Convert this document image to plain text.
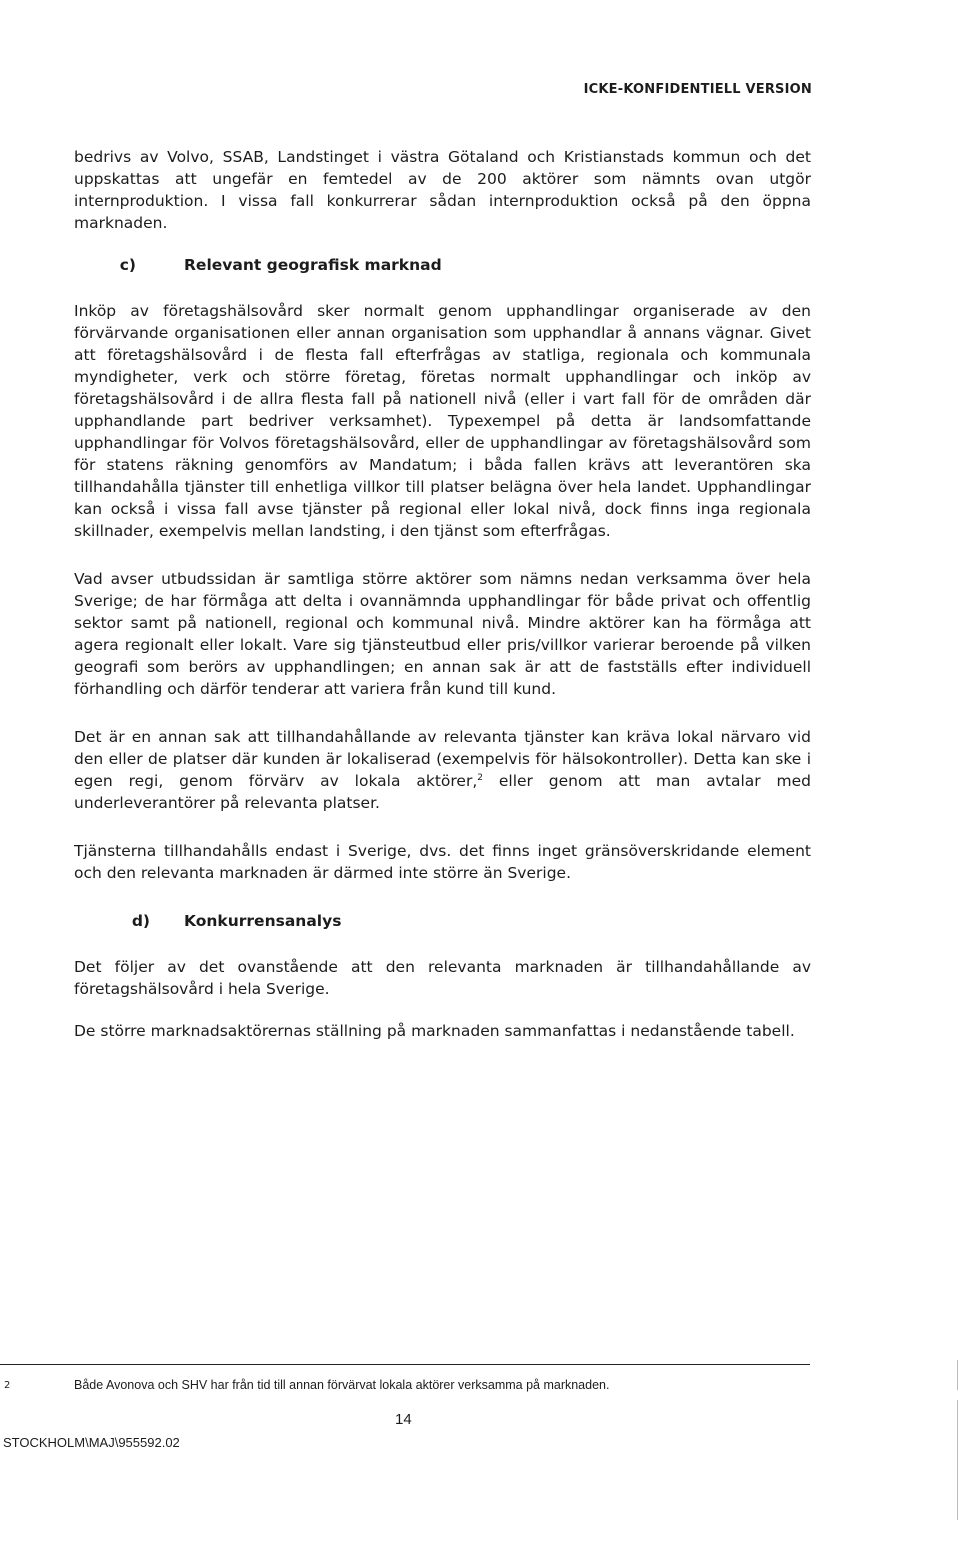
ICKE-KONFIDENTIELL VERSION

bedrivs av Volvo, SSAB, Landstinget i västra Götaland och Kristianstads kommun och det uppskattas att ungefär en femtedel av de 200 aktörer som nämnts ovan utgör internproduktion. I vissa fall konkurrerar sådan internproduktion också på den öppna marknaden.

c)	Relevant geografisk marknad

Inköp av företagshälsovård sker normalt genom upphandlingar organiserade av den förvärvande organisationen eller annan organisation som upphandlar å annans vägnar. Givet att företagshälsovård i de flesta fall efterfrågas av statliga, regionala och kommunala myndigheter, verk och större företag, företas normalt upphandlingar och inköp av företagshälsovård i de allra flesta fall på nationell nivå (eller i vart fall för de områden där upphandlande part bedriver verksamhet). Typexempel på detta är landsomfattande upphandlingar för Volvos företagshälsovård, eller de upphandlingar av företagshälsovård som för statens räkning genomförs av Mandatum; i båda fallen krävs att leverantören ska tillhandahålla tjänster till enhetliga villkor till platser belägna över hela landet. Upphandlingar kan också i vissa fall avse tjänster på regional eller lokal nivå, dock finns inga regionala skillnader, exempelvis mellan landsting, i den tjänst som efterfrågas.

Vad avser utbudssidan är samtliga större aktörer som nämns nedan verksamma över hela Sverige; de har förmåga att delta i ovannämnda upphandlingar för både privat och offentlig sektor samt på nationell, regional och kommunal nivå. Mindre aktörer kan ha förmåga att agera regionalt eller lokalt. Vare sig tjänsteutbud eller pris/villkor varierar beroende på vilken geografi som berörs av upphandlingen; en annan sak är att de fastställs efter individuell förhandling och därför tenderar att variera från kund till kund.

Det är en annan sak att tillhandahållande av relevanta tjänster kan kräva lokal närvaro vid den eller de platser där kunden är lokaliserad (exempelvis för hälsokontroller). Detta kan ske i egen regi, genom förvärv av lokala aktörer,$^2$ eller genom att man avtalar med underleverantörer på relevanta platser.

Tjänsterna tillhandahålls endast i Sverige, dvs. det finns inget gränsöverskridande element och den relevanta marknaden är därmed inte större än Sverige.

d) Konkurrensanalys

Det följer av det ovanstående att den relevanta marknaden är tillhandahållande av företagshälsovård i hela Sverige.

De större marknadsaktörernas ställning på marknaden sammanfattas i nedanstående tabell.

2	Både Avonova och SHV har från tid till annan förvärvat lokala aktörer verksamma på marknaden.
14
STOCKHOLM\MAJ\955592.02
